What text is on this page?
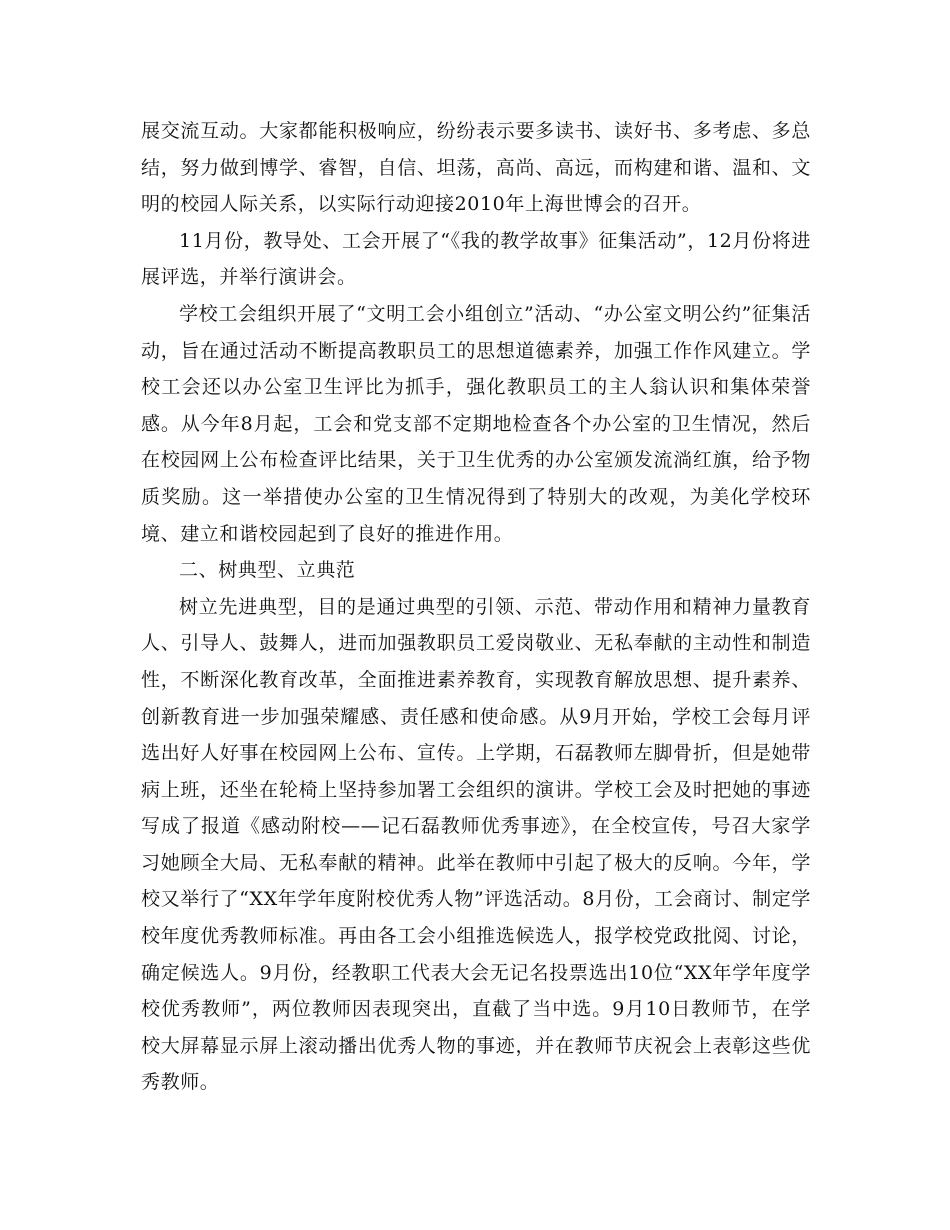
展交流互动。大家都能积极响应，纷纷表示要多读书、读好书、多考虑、多总结，努力做到博学、睿智，自信、坦荡，高尚、高远，而构建和谐、温和、文明的校园人际关系，以实际行动迎接2010年上海世博会的召开。

11月份，教导处、工会开展了“《我的教学故事》征集活动”，12月份将进展评选，并举行演讲会。

学校工会组织开展了“文明工会小组创立”活动、“办公室文明公约”征集活动，旨在通过活动不断提高教职员工的思想道德素养，加强工作作风建立。学校工会还以办公室卫生评比为抓手，强化教职员工的主人翁认识和集体荣誉感。从今年8月起，工会和党支部不定期地检查各个办公室的卫生情况，然后在校园网上公布检查评比结果，关于卫生优秀的办公室颁发流淌红旗，给予物质奖励。这一举措使办公室的卫生情况得到了特别大的改观，为美化学校环境、建立和谐校园起到了良好的推进作用。

二、树典型、立典范

树立先进典型，目的是通过典型的引领、示范、带动作用和精神力量教育人、引导人、鼓舞人，进而加强教职员工爱岗敬业、无私奉献的主动性和制造性，不断深化教育改革，全面推进素养教育，实现教育解放思想、提升素养、创新教育进一步加强荣耀感、责任感和使命感。从9月开始，学校工会每月评选出好人好事在校园网上公布、宣传。上学期，石磊教师左脚骨折，但是她带病上班，还坐在轮椅上坚持参加署工会组织的演讲。学校工会及时把她的事迹写成了报道《感动附校——记石磊教师优秀事迹》，在全校宣传，号召大家学习她顾全大局、无私奉献的精神。此举在教师中引起了极大的反响。今年，学校又举行了“XX年学年度附校优秀人物”评选活动。8月份，工会商讨、制定学校年度优秀教师标准。再由各工会小组推选候选人，报学校党政批阅、讨论，确定候选人。9月份，经教职工代表大会无记名投票选出10位“XX年学年度学校优秀教师”，两位教师因表现突出，直截了当中选。9月10日教师节，在学校大屏幕显示屏上滚动播出优秀人物的事迹，并在教师节庆祝会上表彰这些优秀教师。
